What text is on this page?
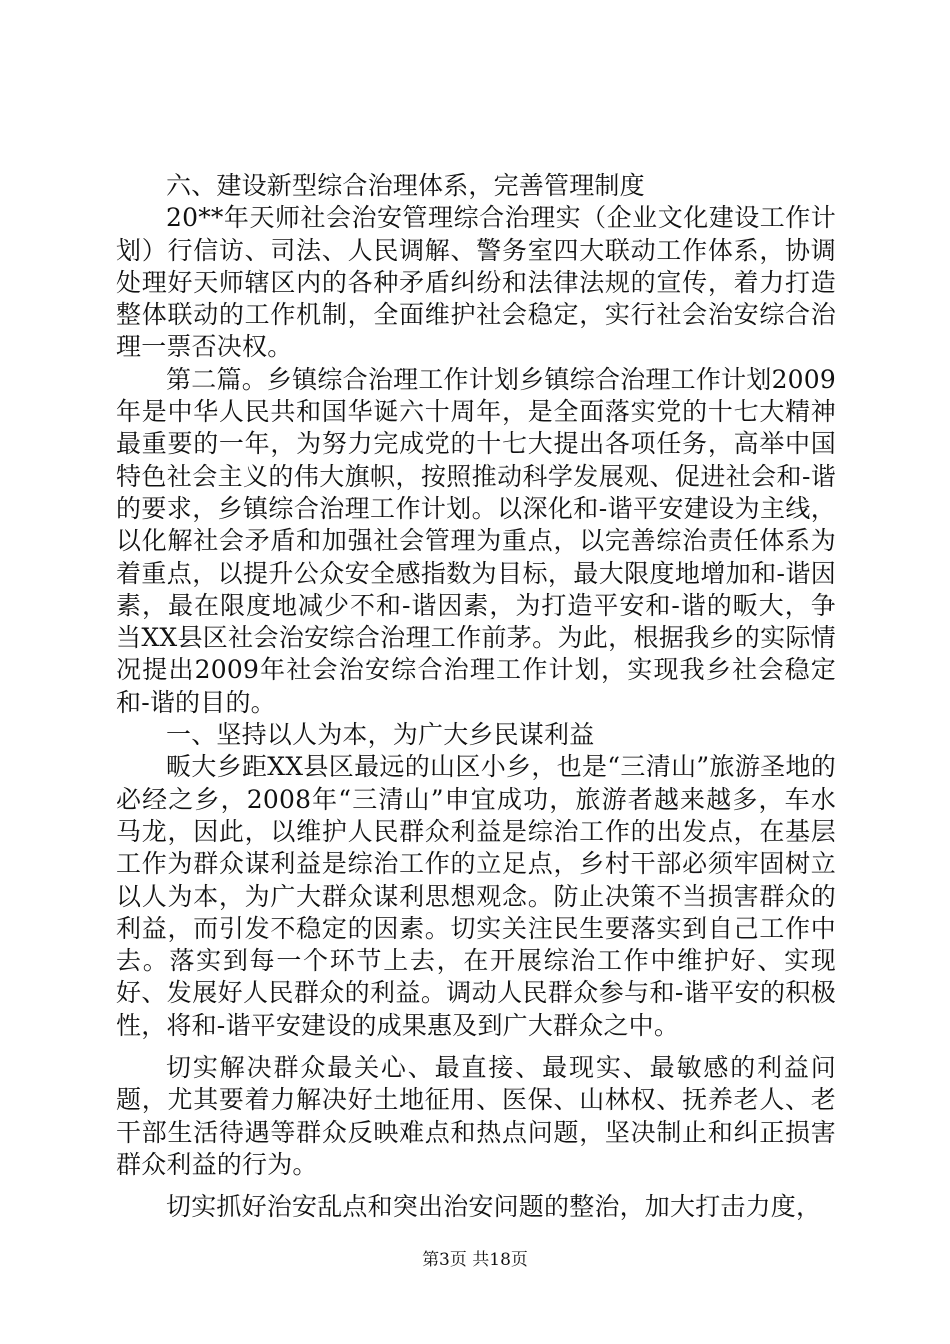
六、建设新型综合治理体系，完善管理制度

20**年天师社会治安管理综合治理实（企业文化建设工作计划）行信访、司法、人民调解、警务室四大联动工作体系，协调处理好天师辖区内的各种矛盾纠纷和法律法规的宣传，着力打造整体联动的工作机制，全面维护社会稳定，实行社会治安综合治理一票否决权。

第二篇。乡镇综合治理工作计划乡镇综合治理工作计划2009年是中华人民共和国华诞六十周年，是全面落实党的十七大精神最重要的一年，为努力完成党的十七大提出各项任务，高举中国特色社会主义的伟大旗帜，按照推动科学发展观、促进社会和-谐的要求，乡镇综合治理工作计划。以深化和-谐平安建设为主线，以化解社会矛盾和加强社会管理为重点，以完善综治责任体系为着重点，以提升公众安全感指数为目标，最大限度地增加和-谐因素，最在限度地减少不和-谐因素，为打造平安和-谐的畈大，争当XX县区社会治安综合治理工作前茅。为此，根据我乡的实际情况提出2009年社会治安综合治理工作计划，实现我乡社会稳定和-谐的目的。

一、坚持以人为本，为广大乡民谋利益

畈大乡距XX县区最远的山区小乡，也是“三清山”旅游圣地的必经之乡，2008年“三清山”申宜成功，旅游者越来越多，车水马龙，因此，以维护人民群众利益是综治工作的出发点，在基层工作为群众谋利益是综治工作的立足点，乡村干部必须牢固树立以人为本，为广大群众谋利思想观念。防止决策不当损害群众的利益，而引发不稳定的因素。切实关注民生要落实到自己工作中去。落实到每一个环节上去，在开展综治工作中维护好、实现好、发展好人民群众的利益。调动人民群众参与和-谐平安的积极性，将和-谐平安建设的成果惠及到广大群众之中。

切实解决群众最关心、最直接、最现实、最敏感的利益问题，尤其要着力解决好土地征用、医保、山林权、抚养老人、老干部生活待遇等群众反映难点和热点问题，坚决制止和纠正损害群众利益的行为。

切实抓好治安乱点和突出治安问题的整治，加大打击力度，

第3页 共18页
